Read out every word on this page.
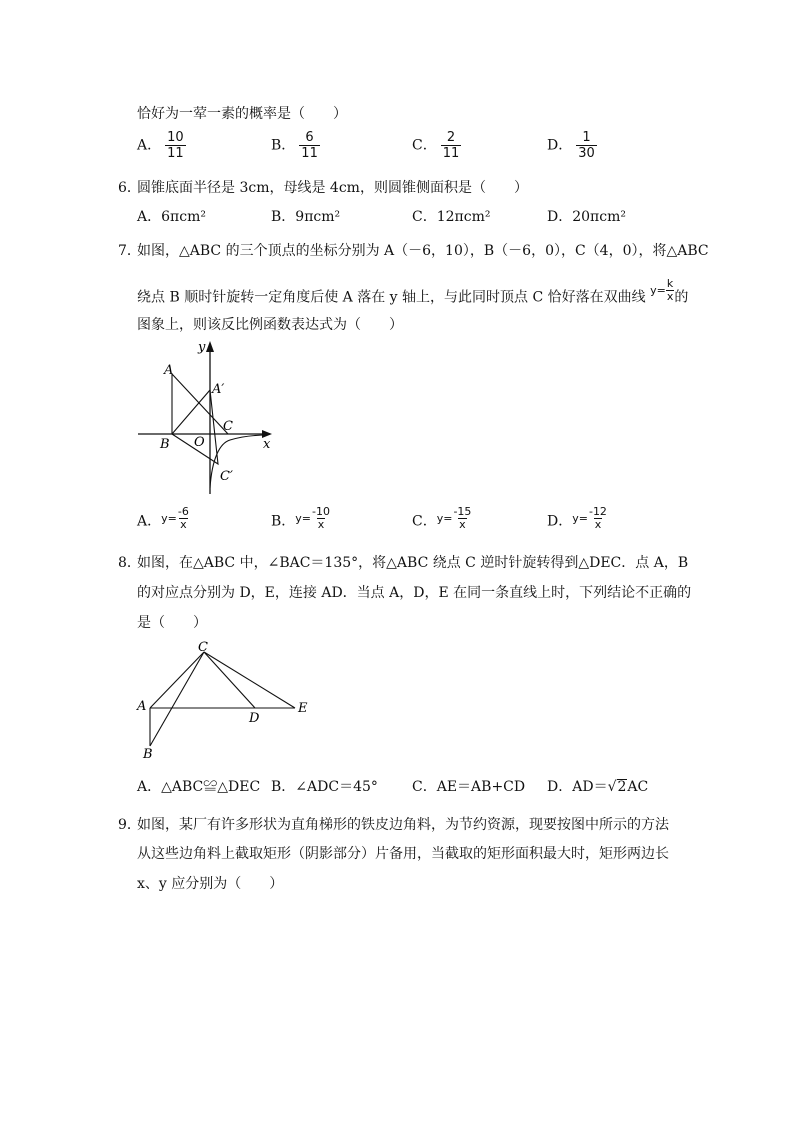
恰好为一荤一素的概率是（　　）
A． $\frac{10}{11}$	B． $\frac{6}{11}$	C． $\frac{2}{11}$	D． $\frac{1}{30}$
6．
圆锥底面半径是 3cm，母线是 4cm，则圆锥侧面积是（　　）
A．6πcm²	B．9πcm²	C．12πcm²	D．20πcm²
7．
如图，△ABC 的三个顶点的坐标分别为 A（－6，10），B（－6，0），C（4，0），将△ABC
绕点 B 顺时针旋转一定角度后使 A 落在 y 轴上，与此同时顶点 C 恰好落在双曲线 $^{y= \frac{k}{x}}$ 的
图象上，则该反比例函数表达式为（　　）
y
x
A
A′
C
B O
C′
A．$^{y= \frac{-6}{x}}$	B．$^{y= \frac{-10}{x}}$	C．$^{y= \frac{-15}{x}}$	D．$^{y= \frac{-12}{x}}$
8．
如图，在△ABC 中，∠BAC＝135°，将△ABC 绕点 C 逆时针旋转得到△DEC．点 A，B
的对应点分别为 D，E，连接 AD．当点 A，D，E 在同一条直线上时，下列结论不正确的
是（　　）
C
A
D
E
B
A．△ABC≌△DEC B．∠ADC＝45° C．AE＝AB+CD D．AD＝√2AC
9．
如图，某厂有许多形状为直角梯形的铁皮边角料，为节约资源，现要按图中所示的方法
从这些边角料上截取矩形（阴影部分）片备用，当截取的矩形面积最大时，矩形两边长
x、y 应分别为（　　）
